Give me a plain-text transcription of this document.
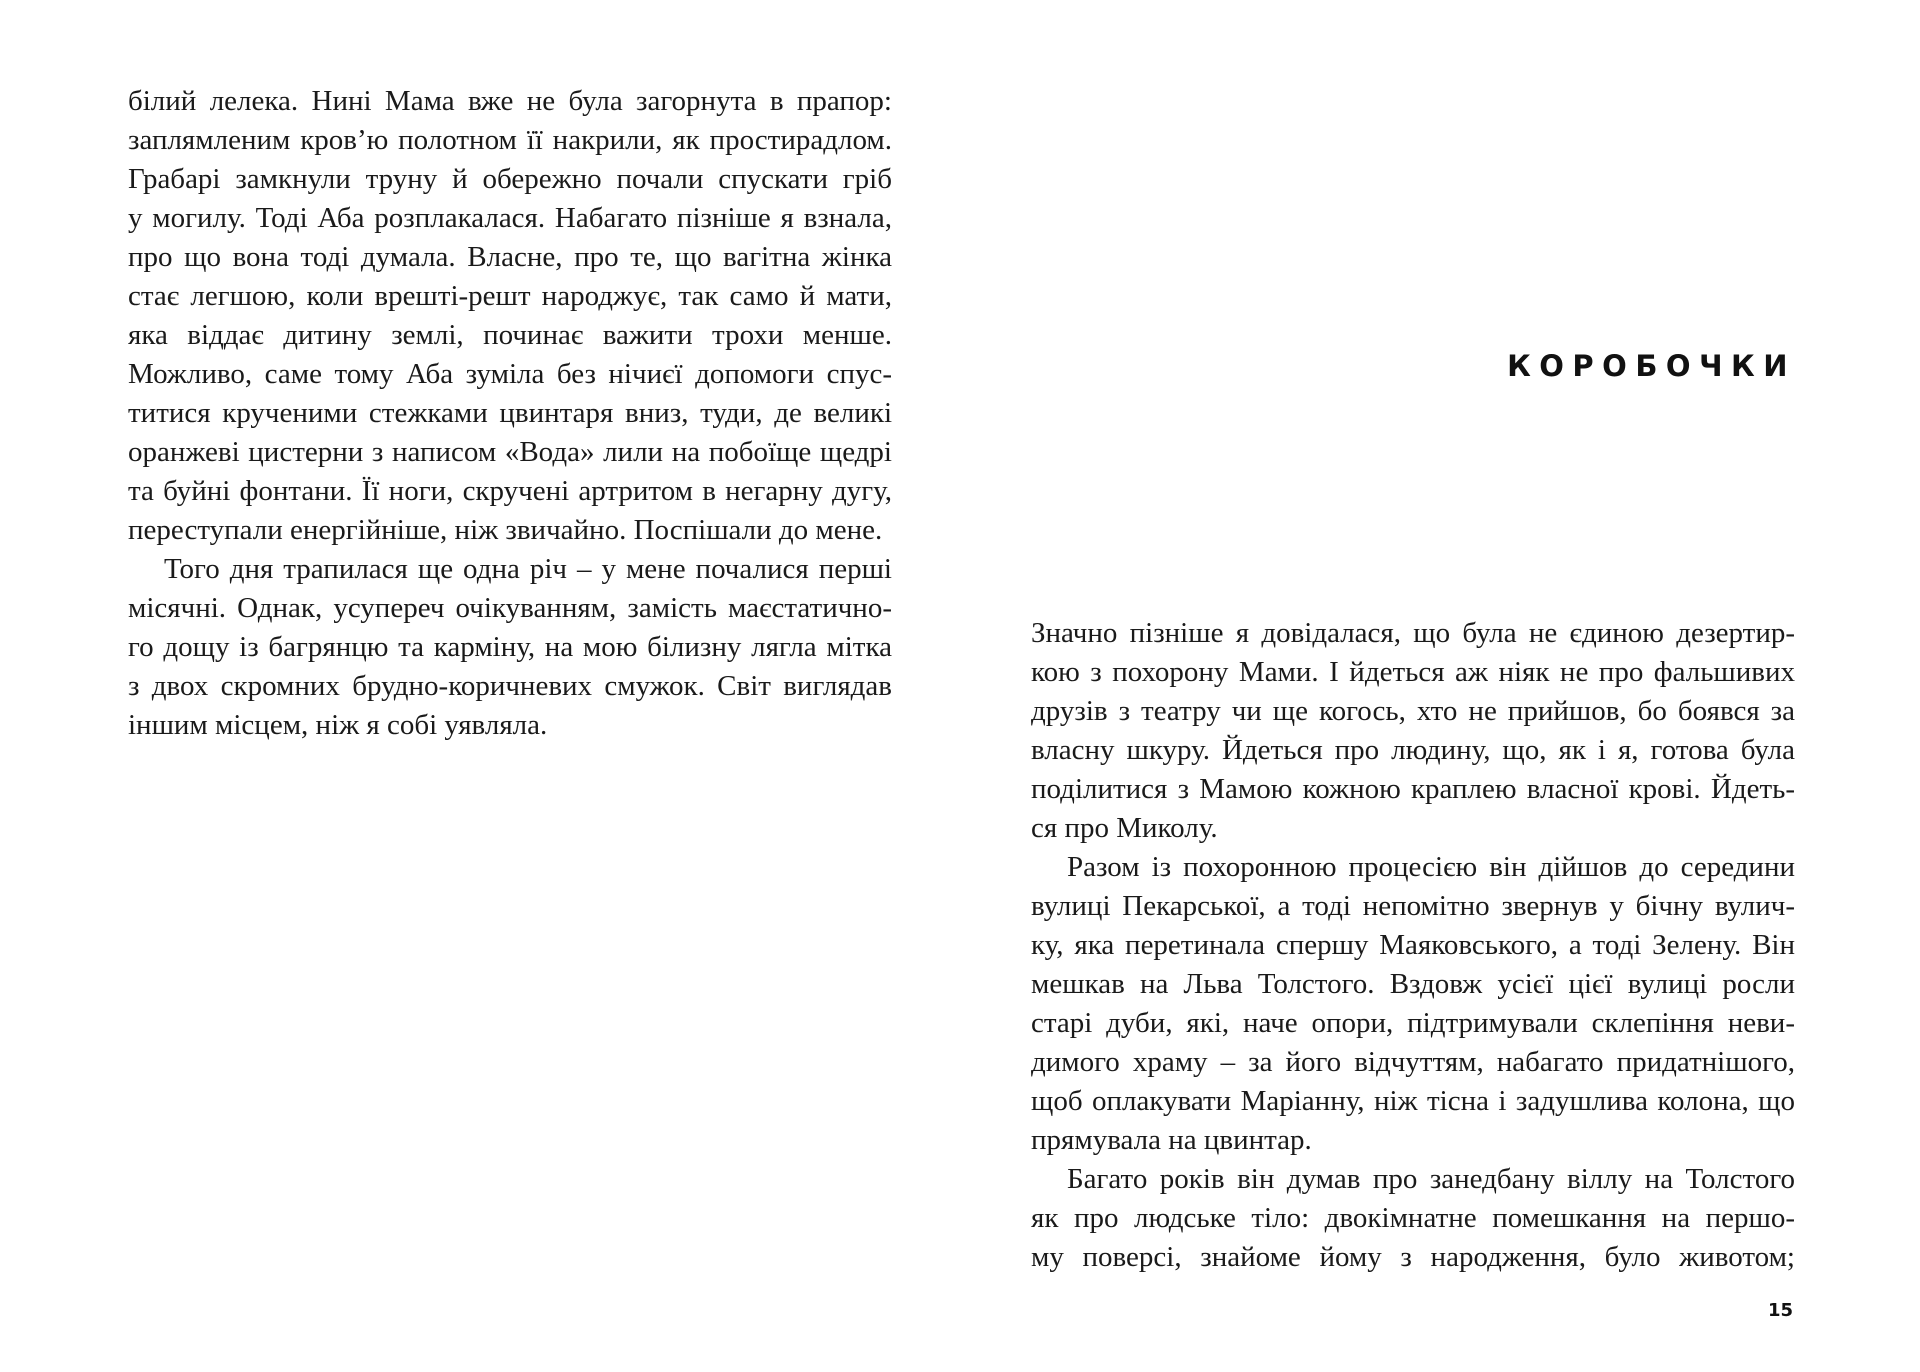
білий лелека. Нині Мама вже не була загорнута в прапор:
заплямленим кров’ю полотном її накрили, як простирадлом.
Грабарі замкнули труну й обережно почали спускати гріб
у могилу. Тоді Аба розплакалася. Набагато пізніше я взнала,
про що вона тоді думала. Власне, про те, що вагітна жінка
стає легшою, коли врешті-решт народжує, так само й мати,
яка віддає дитину землі, починає важити трохи менше.
Можливо, саме тому Аба зуміла без нічиєї допомоги спус-
титися крученими стежками цвинтаря вниз, туди, де великі
оранжеві цистерни з написом «Вода» лили на побоїще щедрі
та буйні фонтани. Її ноги, скручені артритом в негарну дугу,
переступали енергійніше, ніж звичайно. Поспішали до мене.
Того дня трапилася ще одна річ – у мене почалися перші
місячні. Однак, усупереч очікуванням, замість маєстатично-
го дощу із багрянцю та карміну, на мою білизну лягла мітка
з двох скромних брудно-коричневих смужок. Світ виглядав
іншим місцем, ніж я собі уявляла.
КОРОБОЧКИ
Значно пізніше я довідалася, що була не єдиною дезертир-
кою з похорону Мами. І йдеться аж ніяк не про фальшивих
друзів з театру чи ще когось, хто не прийшов, бо боявся за
власну шкуру. Йдеться про людину, що, як і я, готова була
поділитися з Мамою кожною краплею власної крові. Йдеть-
ся про Миколу.
Разом із похоронною процесією він дійшов до середини
вулиці Пекарської, а тоді непомітно звернув у бічну вулич-
ку, яка перетинала спершу Маяковського, а тоді Зелену. Він
мешкав на Льва Толстого. Вздовж усієї цієї вулиці росли
старі дуби, які, наче опори, підтримували склепіння неви-
димого храму – за його відчуттям, набагато придатнішого,
щоб оплакувати Маріанну, ніж тісна і задушлива колона, що
прямувала на цвинтар.
Багато років він думав про занедбану віллу на Толстого
як про людське тіло: двокімнатне помешкання на першо-
му поверсі, знайоме йому з народження, було животом;
15
